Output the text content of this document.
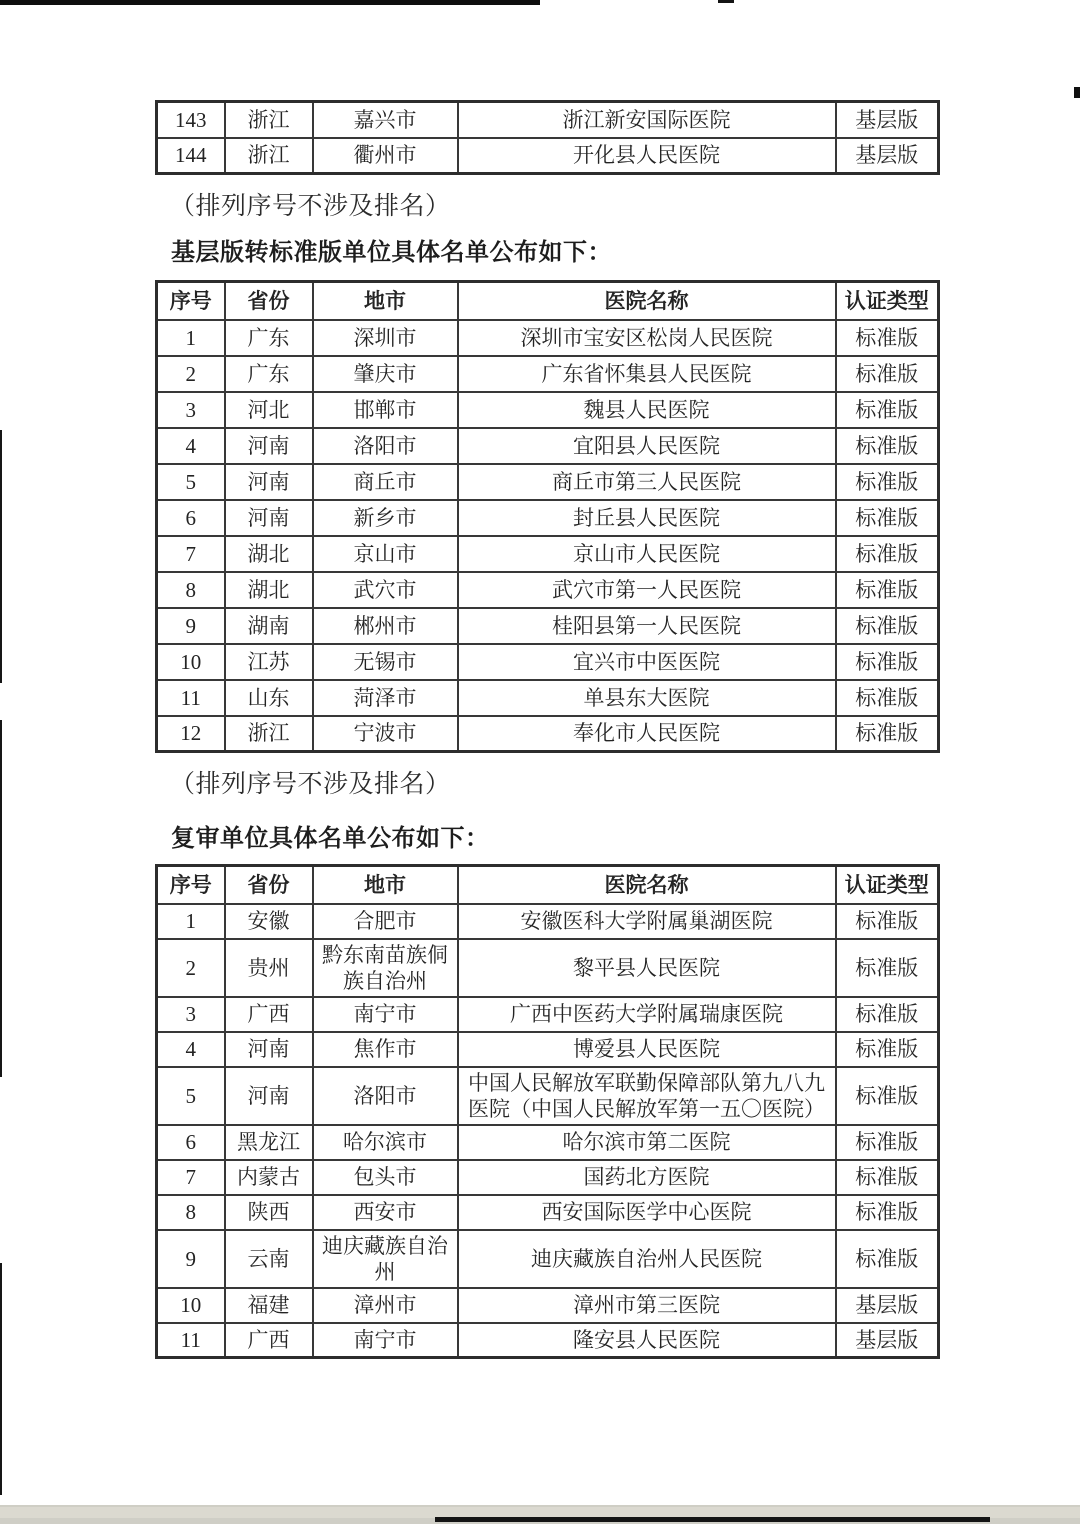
143	浙江	嘉兴市	浙江新安国际医院	基层版
144	浙江	衢州市	开化县人民医院	基层版

（排列序号不涉及排名）

基层版转标准版单位具体名单公布如下：
序号	省份	地市	医院名称	认证类型
1	广东	深圳市	深圳市宝安区松岗人民医院	标准版
2	广东	肇庆市	广东省怀集县人民医院	标准版
3	河北	邯郸市	魏县人民医院	标准版
4	河南	洛阳市	宜阳县人民医院	标准版
5	河南	商丘市	商丘市第三人民医院	标准版
6	河南	新乡市	封丘县人民医院	标准版
7	湖北	京山市	京山市人民医院	标准版
8	湖北	武穴市	武穴市第一人民医院	标准版
9	湖南	郴州市	桂阳县第一人民医院	标准版
10	江苏	无锡市	宜兴市中医医院	标准版
11	山东	菏泽市	单县东大医院	标准版
12	浙江	宁波市	奉化市人民医院	标准版

（排列序号不涉及排名）

复审单位具体名单公布如下：
序号	省份	地市	医院名称	认证类型
1	安徽	合肥市	安徽医科大学附属巢湖医院	标准版
2	贵州	黔东南苗族侗族自治州	黎平县人民医院	标准版
3	广西	南宁市	广西中医药大学附属瑞康医院	标准版
4	河南	焦作市	博爱县人民医院	标准版
5	河南	洛阳市	中国人民解放军联勤保障部队第九八九医院（中国人民解放军第一五〇医院）	标准版
6	黑龙江	哈尔滨市	哈尔滨市第二医院	标准版
7	内蒙古	包头市	国药北方医院	标准版
8	陕西	西安市	西安国际医学中心医院	标准版
9	云南	迪庆藏族自治州	迪庆藏族自治州人民医院	标准版
10	福建	漳州市	漳州市第三医院	基层版
11	广西	南宁市	隆安县人民医院	基层版
